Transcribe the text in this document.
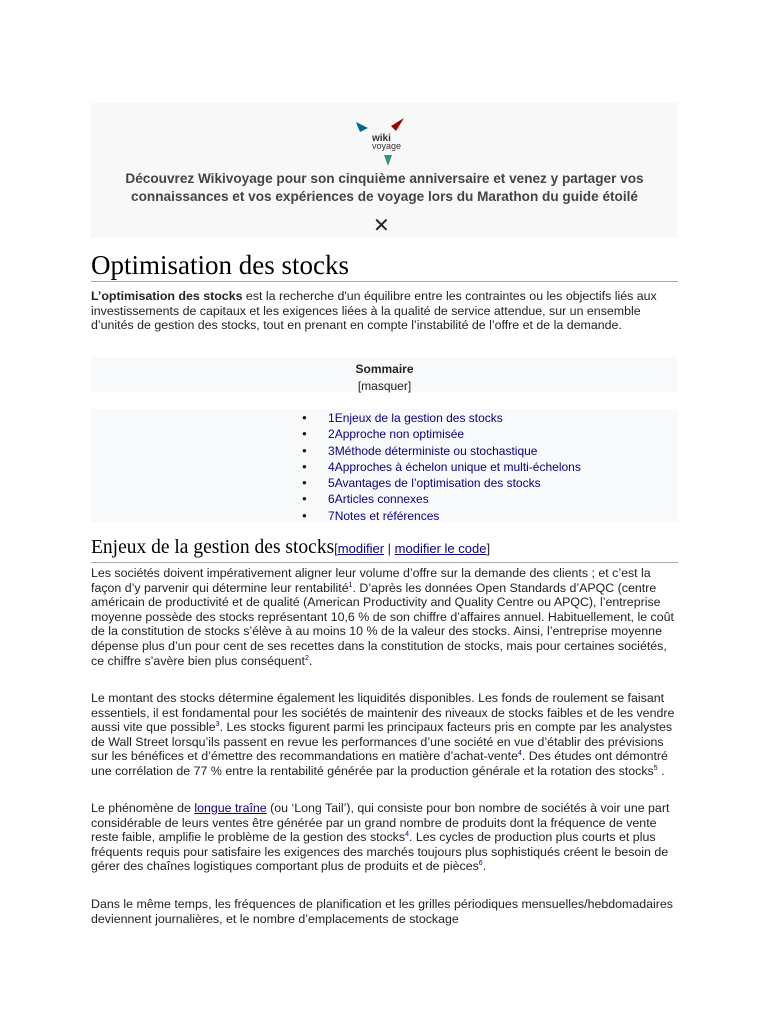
wiki
voyage
Découvrez Wikivoyage pour son cinquième anniversaire et venez y partager vos connaissances et vos expériences de voyage lors du Marathon du guide étoilé
✕
Optimisation des stocks
L’optimisation des stocks est la recherche d'un équilibre entre les contraintes ou les objectifs liés aux investissements de capitaux et les exigences liées à la qualité de service attendue, sur un ensemble d’unités de gestion des stocks, tout en prenant en compte l’instabilité de l’offre et de la demande.
Sommaire
[masquer]
● 1Enjeux de la gestion des stocks
● 2Approche non optimisée
● 3Méthode déterministe ou stochastique
● 4Approches à échelon unique et multi-échelons
● 5Avantages de l’optimisation des stocks
● 6Articles connexes
● 7Notes et références
Enjeux de la gestion des stocks[modifier | modifier le code]
Les sociétés doivent impérativement aligner leur volume d’offre sur la demande des clients ; et c’est la façon d’y parvenir qui détermine leur rentabilité$^1$. D’après les données Open Standards d’APQC (centre américain de productivité et de qualité (American Productivity and Quality Centre ou APQC), l’entreprise moyenne possède des stocks représentant 10,6 % de son chiffre d’affaires annuel. Habituellement, le coût de la constitution de stocks s’élève à au moins 10 % de la valeur des stocks. Ainsi, l’entreprise moyenne dépense plus d’un pour cent de ses recettes dans la constitution de stocks, mais pour certaines sociétés, ce chiffre s’avère bien plus conséquent$^2$.
Le montant des stocks détermine également les liquidités disponibles. Les fonds de roulement se faisant essentiels, il est fondamental pour les sociétés de maintenir des niveaux de stocks faibles et de les vendre aussi vite que possible$^3$. Les stocks figurent parmi les principaux facteurs pris en compte par les analystes de Wall Street lorsqu’ils passent en revue les performances d’une société en vue d’établir des prévisions sur les bénéfices et d’émettre des recommandations en matière d’achat-vente$^4$. Des études ont démontré une corrélation de 77 % entre la rentabilité générée par la production générale et la rotation des stocks$^5$ .
Le phénomène de longue traîne (ou ‘Long Tail’), qui consiste pour bon nombre de sociétés à voir une part considérable de leurs ventes être générée par un grand nombre de produits dont la fréquence de vente reste faible, amplifie le problème de la gestion des stocks$^4$. Les cycles de production plus courts et plus fréquents requis pour satisfaire les exigences des marchés toujours plus sophistiqués créent le besoin de gérer des chaînes logistiques comportant plus de produits et de pièces$^6$.
Dans le même temps, les fréquences de planification et les grilles périodiques mensuelles/hebdomadaires deviennent journalières, et le nombre d’emplacements de stockage
